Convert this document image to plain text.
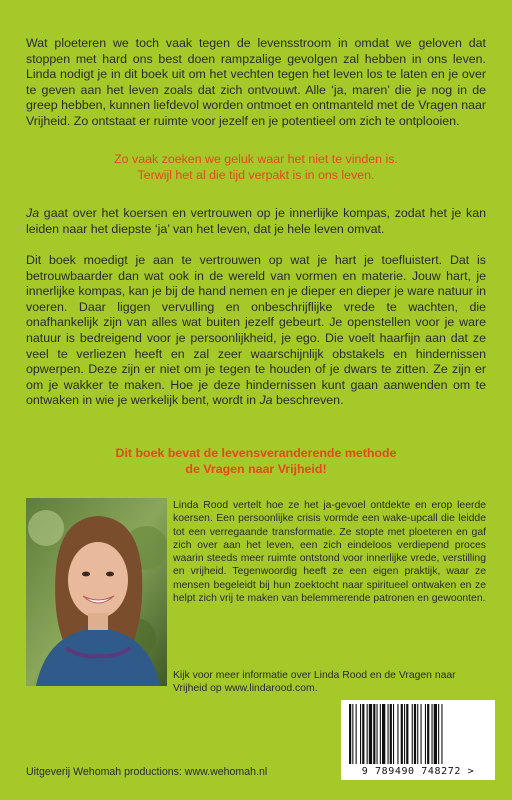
Wat ploeteren we toch vaak tegen de levensstroom in omdat we geloven dat stoppen met hard ons best doen rampzalige gevolgen zal hebben in ons leven. Linda nodigt je in dit boek uit om het vechten tegen het leven los te laten en je over te geven aan het leven zoals dat zich ontvouwt. Alle ‘ja, maren’ die je nog in de greep hebben, kunnen liefdevol worden ontmoet en ontmanteld met de Vragen naar Vrijheid. Zo ontstaat er ruimte voor jezelf en je potentieel om zich te ontplooien.

Zo vaak zoeken we geluk waar het niet te vinden is.
Terwijl het al die tijd verpakt is in ons leven.

Ja gaat over het koersen en vertrouwen op je innerlijke kompas, zodat het je kan leiden naar het diepste ‘ja’ van het leven, dat je hele leven omvat.

Dit boek moedigt je aan te vertrouwen op wat je hart je toefluistert. Dat is betrouwbaarder dan wat ook in de wereld van vormen en materie. Jouw hart, je innerlijke kompas, kan je bij de hand nemen en je dieper en dieper je ware natuur in voeren. Daar liggen vervulling en onbeschrijflijke vrede te wachten, die onafhankelijk zijn van alles wat buiten jezelf gebeurt. Je openstellen voor je ware natuur is bedreigend voor je persoonlijkheid, je ego. Die voelt haarfijn aan dat ze veel te verliezen heeft en zal zeer waarschijnlijk obstakels en hindernissen opwerpen. Deze zijn er niet om je tegen te houden of je dwars te zitten. Ze zijn er om je wakker te maken. Hoe je deze hindernissen kunt gaan aanwenden om te ontwaken in wie je werkelijk bent, wordt in Ja beschreven.

Dit boek bevat de levensveranderende methode
de Vragen naar Vrijheid!

Linda Rood vertelt hoe ze het ja-gevoel ontdekte en erop leerde koersen. Een persoonlijke crisis vormde een wake-upcall die leidde tot een verregaande transformatie. Ze stopte met ploeteren en gaf zich over aan het leven, een zich eindeloos verdiepend proces waarin steeds meer ruimte ontstond voor innerlijke vrede, verstilling en vrijheid. Tegenwoordig heeft ze een eigen praktijk, waar ze mensen begeleidt bij hun zoektocht naar spiritueel ontwaken en ze helpt zich vrij te maken van belemmerende patronen en gewoonten.

Kijk voor meer informatie over Linda Rood en de Vragen naar Vrijheid op www.lindarood.com.

Uitgeverij Wehomah productions: www.wehomah.nl	9 789490 748272 >
